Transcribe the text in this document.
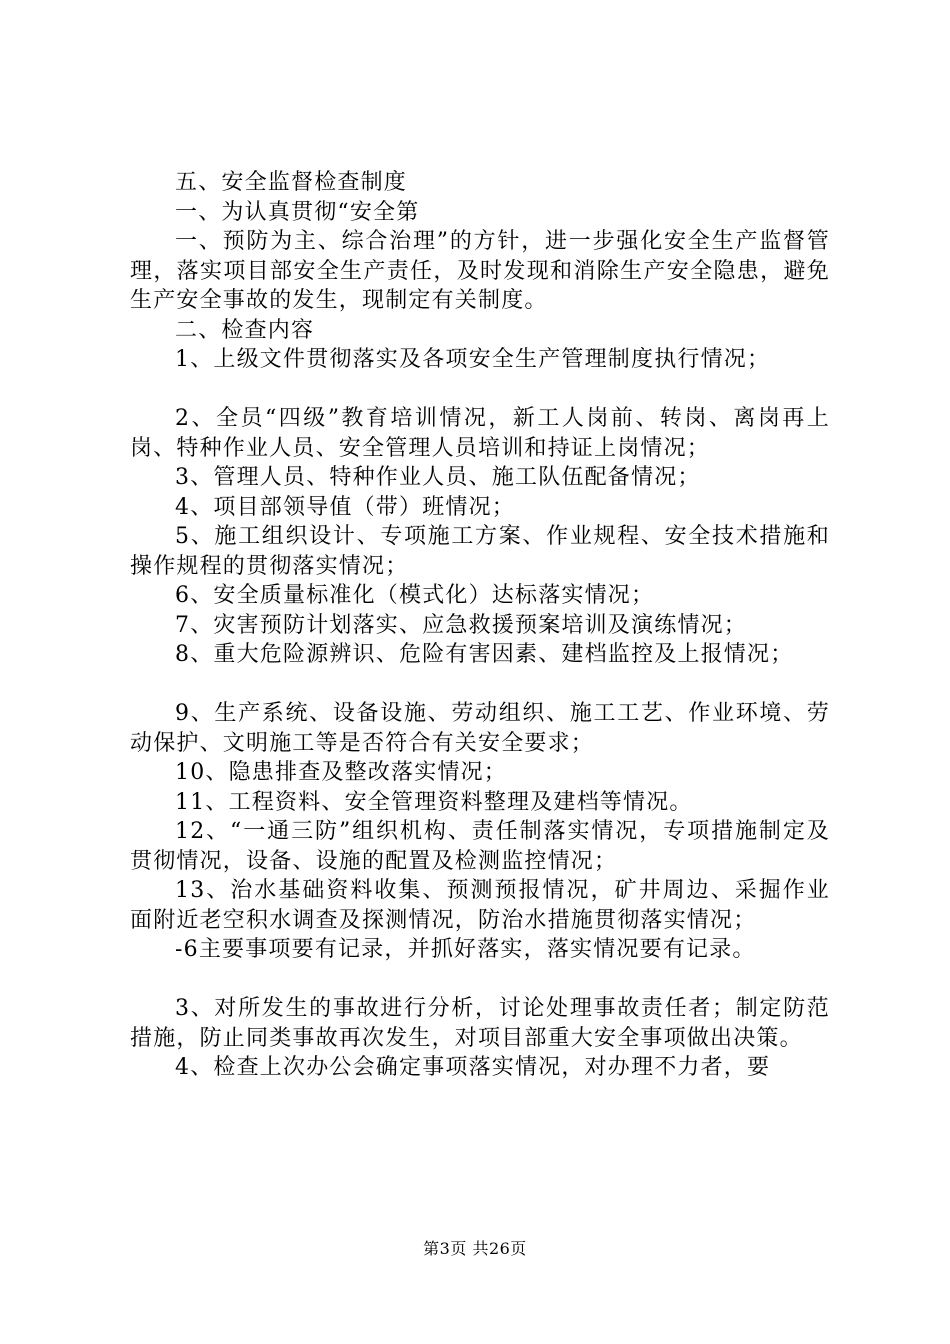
五、安全监督检查制度

一、为认真贯彻“安全第

一、预防为主、综合治理”的方针，进一步强化安全生产监督管理，落实项目部安全生产责任，及时发现和消除生产安全隐患，避免生产安全事故的发生，现制定有关制度。

二、检查内容

1、上级文件贯彻落实及各项安全生产管理制度执行情况；

2、全员“四级”教育培训情况，新工人岗前、转岗、离岗再上岗、特种作业人员、安全管理人员培训和持证上岗情况；

3、管理人员、特种作业人员、施工队伍配备情况；

4、项目部领导值（带）班情况；

5、施工组织设计、专项施工方案、作业规程、安全技术措施和操作规程的贯彻落实情况；

6、安全质量标准化（模式化）达标落实情况；

7、灾害预防计划落实、应急救援预案培训及演练情况；

8、重大危险源辨识、危险有害因素、建档监控及上报情况；

9、生产系统、设备设施、劳动组织、施工工艺、作业环境、劳动保护、文明施工等是否符合有关安全要求；

10、隐患排查及整改落实情况；

11、工程资料、安全管理资料整理及建档等情况。

12、“一通三防”组织机构、责任制落实情况，专项措施制定及贯彻情况，设备、设施的配置及检测监控情况；

13、治水基础资料收集、预测预报情况，矿井周边、采掘作业面附近老空积水调查及探测情况，防治水措施贯彻落实情况；

-6主要事项要有记录，并抓好落实，落实情况要有记录。

3、对所发生的事故进行分析，讨论处理事故责任者；制定防范措施，防止同类事故再次发生，对项目部重大安全事项做出决策。

4、检查上次办公会确定事项落实情况，对办理不力者，要

第3页 共26页
